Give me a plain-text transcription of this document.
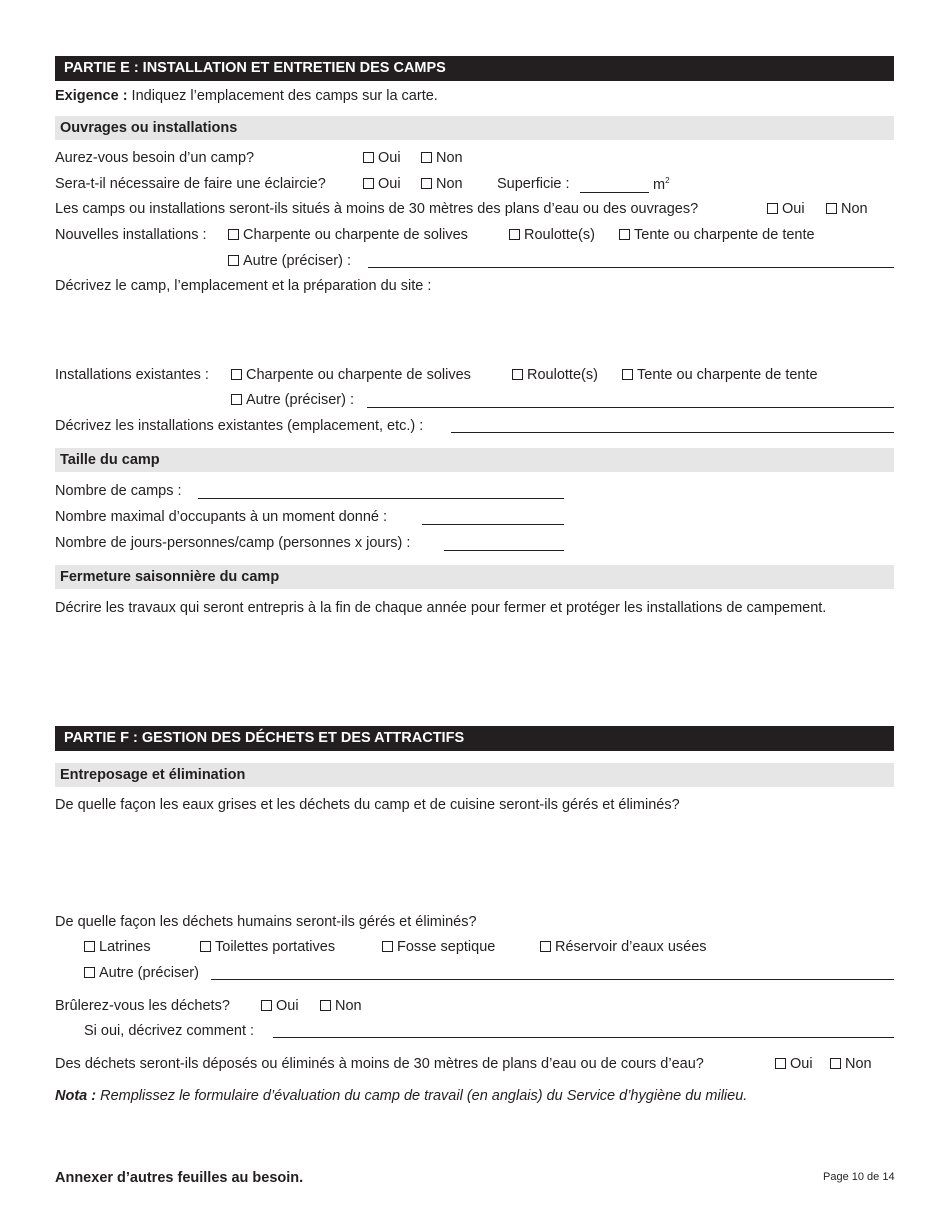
PARTIE E : INSTALLATION ET ENTRETIEN DES CAMPS
Exigence : Indiquez l’emplacement des camps sur la carte.
Ouvrages ou installations
Aurez-vous besoin d’un camp?	Oui	Non
Sera-t-il nécessaire de faire une éclaircie?	Oui	Non Superficie :	$m^2$
Les camps ou installations seront-ils situés à moins de 30 mètres des plans d’eau ou des ouvrages?	Oui	Non
Nouvelles installations :	Charpente ou charpente de solives	Roulotte(s)	Tente ou charpente de tente
Autre (préciser) :
Décrivez le camp, l’emplacement et la préparation du site :
Installations existantes :	Charpente ou charpente de solives	Roulotte(s)	Tente ou charpente de tente
Autre (préciser) :
Décrivez les installations existantes (emplacement, etc.) :
Taille du camp
Nombre de camps :
Nombre maximal d’occupants à un moment donné :
Nombre de jours-personnes/camp (personnes x jours) :
Fermeture saisonnière du camp
Décrire les travaux qui seront entrepris à la fin de chaque année pour fermer et protéger les installations de campement.
PARTIE F : GESTION DES DÉCHETS ET DES ATTRACTIFS
Entreposage et élimination
De quelle façon les eaux grises et les déchets du camp et de cuisine seront-ils gérés et éliminés?
De quelle façon les déchets humains seront-ils gérés et éliminés?
Latrines	Toilettes portatives	Fosse septique	Réservoir d’eaux usées
Autre (préciser)
Brûlerez-vous les déchets?	Oui	Non
Si oui, décrivez comment :
Des déchets seront-ils déposés ou éliminés à moins de 30 mètres de plans d’eau ou de cours d’eau?	Oui	Non
Nota : Remplissez le formulaire d’évaluation du camp de travail (en anglais) du Service d’hygiène du milieu.
Annexer d’autres feuilles au besoin.	Page 10 de 14
